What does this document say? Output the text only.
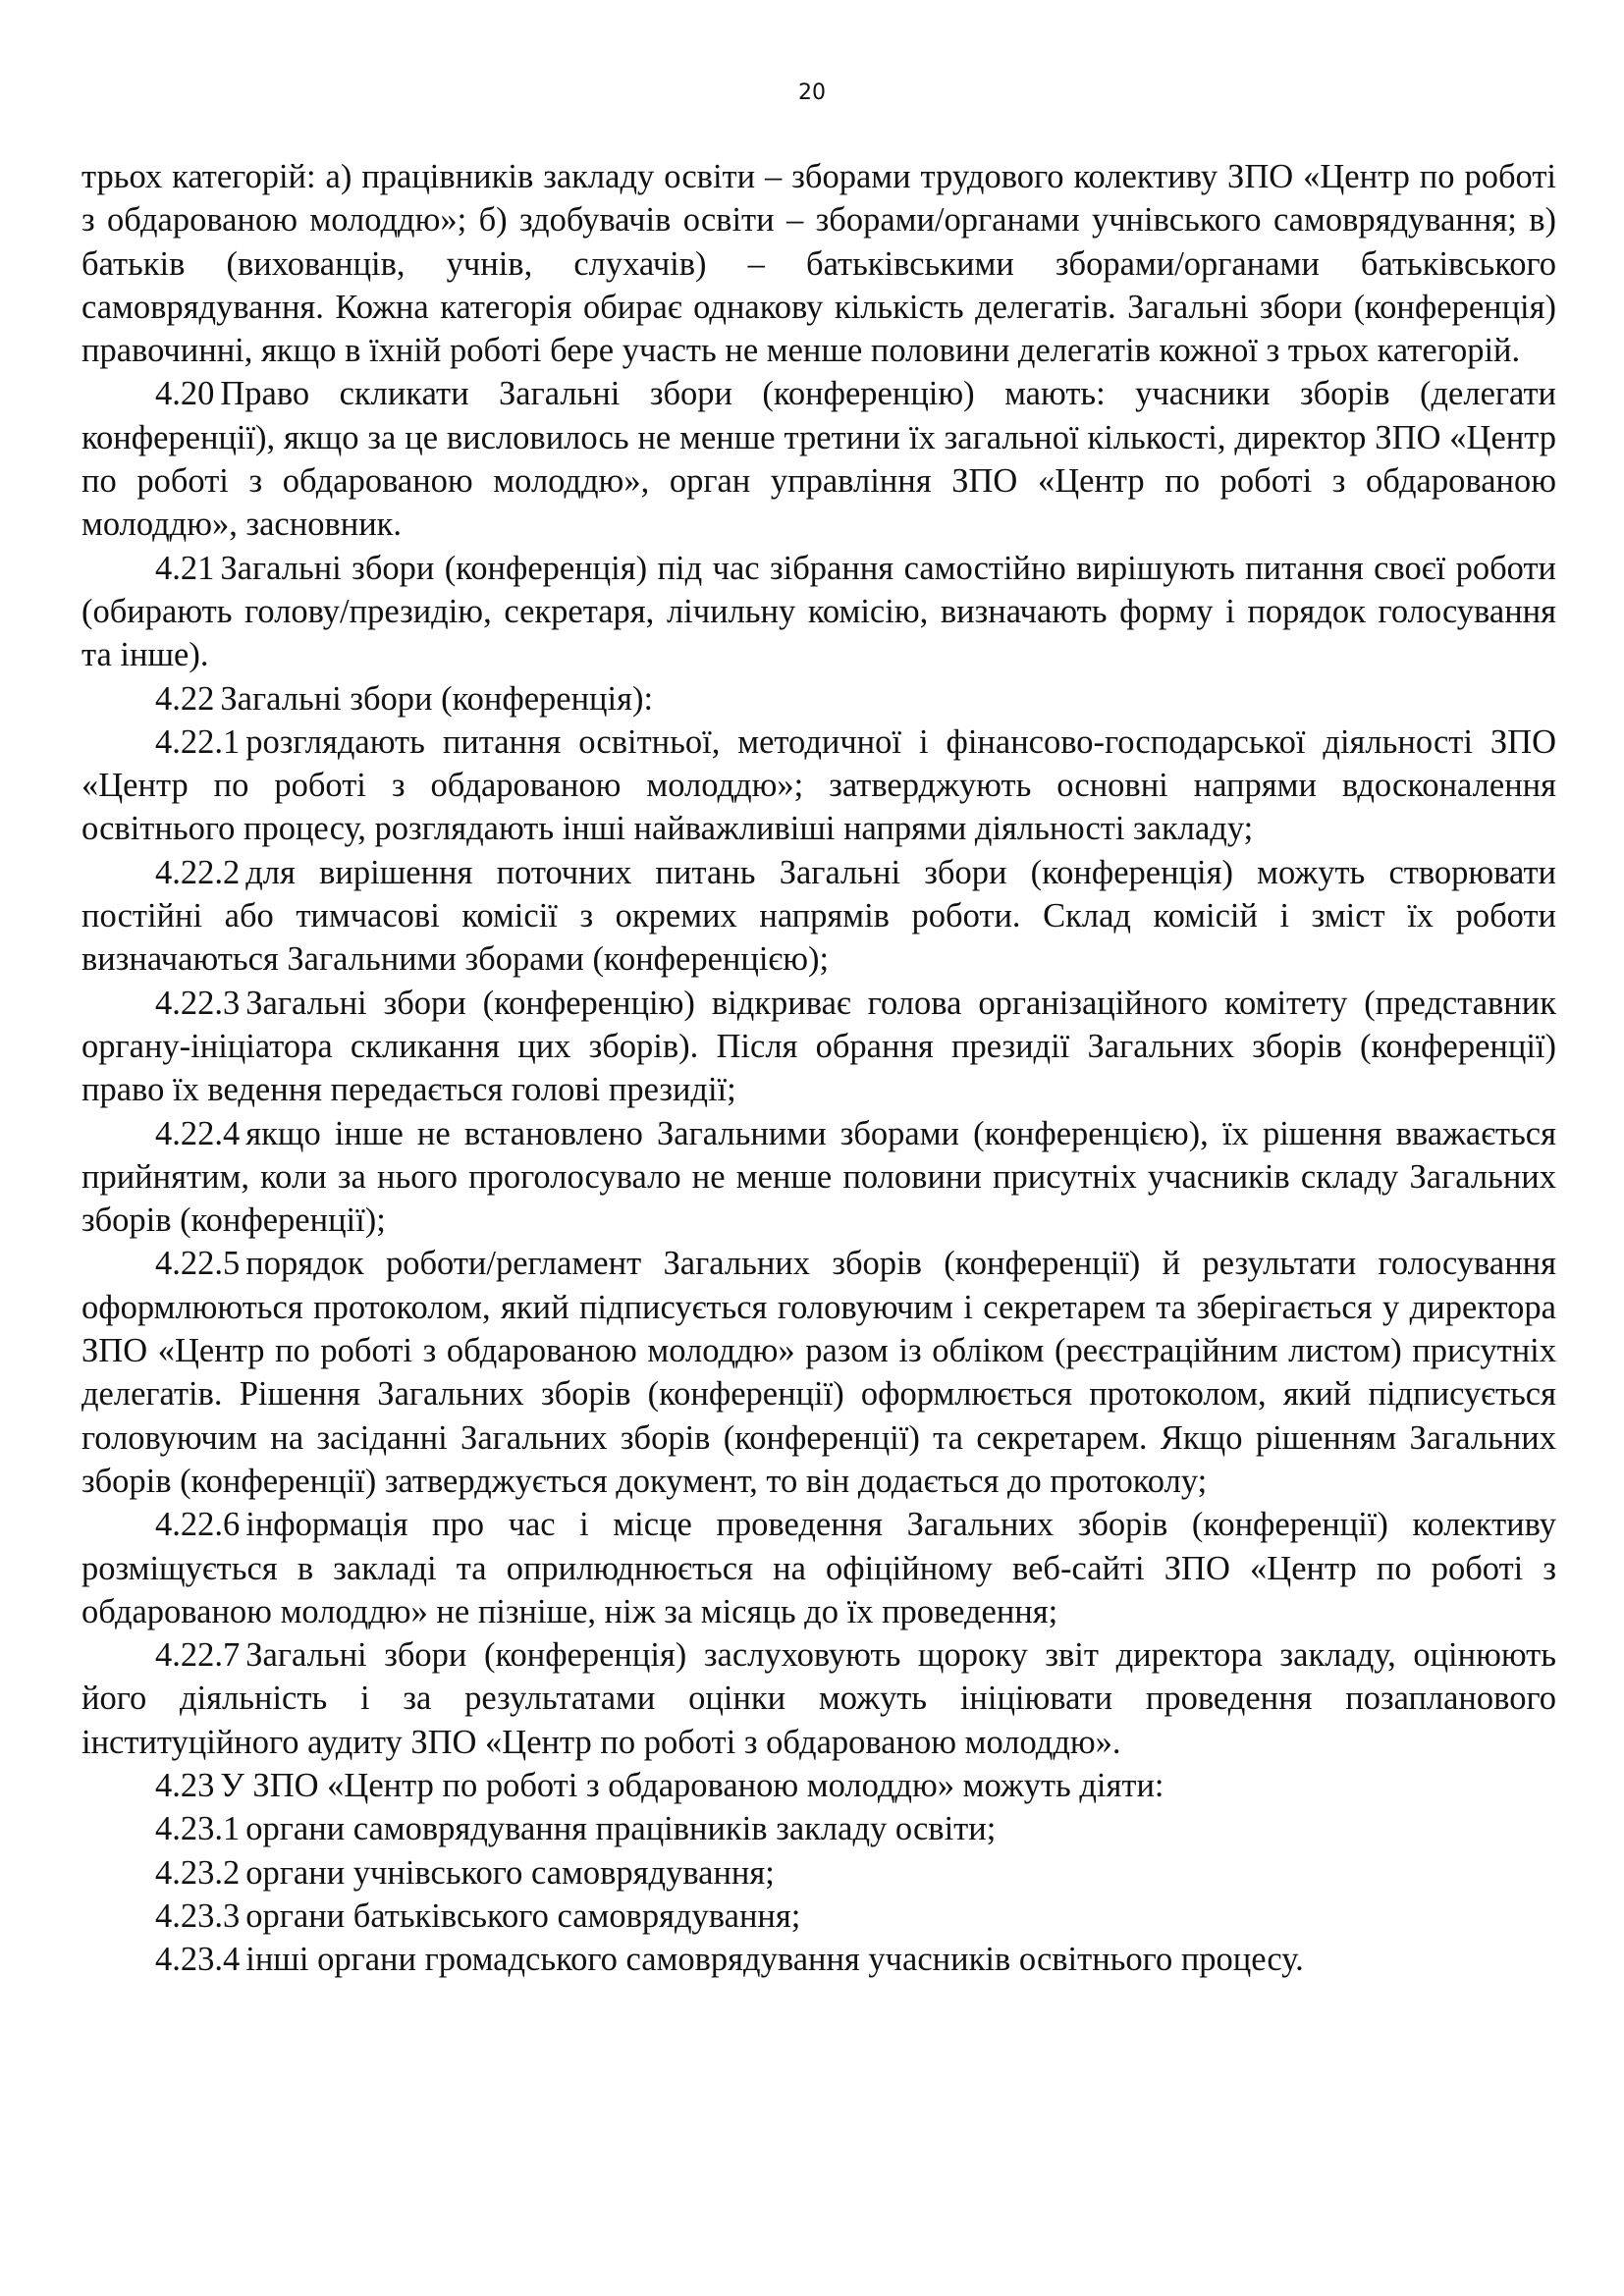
20

трьох категорій: а) працівників закладу освіти – зборами трудового колективу ЗПО «Центр по роботі з обдарованою молоддю»; б) здобувачів освіти – зборами/органами учнівського самоврядування; в) батьків (вихованців, учнів, слухачів) – батьківськими зборами/органами батьківського самоврядування. Кожна категорія обирає однакову кількість делегатів. Загальні збори (конференція) правочинні, якщо в їхній роботі бере участь не менше половини делегатів кожної з трьох категорій.

4.20 Право скликати Загальні збори (конференцію) мають: учасники зборів (делегати конференції), якщо за це висловилось не менше третини їх загальної кількості, директор ЗПО «Центр по роботі з обдарованою молоддю», орган управління ЗПО «Центр по роботі з обдарованою молоддю», засновник.

4.21 Загальні збори (конференція) під час зібрання самостійно вирішують питання своєї роботи (обирають голову/президію, секретаря, лічильну комісію, визначають форму і порядок голосування та інше).

4.22 Загальні збори (конференція):

4.22.1 розглядають питання освітньої, методичної і фінансово-господарської діяльності ЗПО «Центр по роботі з обдарованою молоддю»; затверджують основні напрями вдосконалення освітнього процесу, розглядають інші найважливіші напрями діяльності закладу;

4.22.2 для вирішення поточних питань Загальні збори (конференція) можуть створювати постійні або тимчасові комісії з окремих напрямів роботи. Склад комісій і зміст їх роботи визначаються Загальними зборами (конференцією);

4.22.3 Загальні збори (конференцію) відкриває голова організаційного комітету (представник органу-ініціатора скликання цих зборів). Після обрання президії Загальних зборів (конференції) право їх ведення передається голові президії;

4.22.4 якщо інше не встановлено Загальними зборами (конференцією), їх рішення вважається прийнятим, коли за нього проголосувало не менше половини присутніх учасників складу Загальних зборів (конференції);

4.22.5 порядок роботи/регламент Загальних зборів (конференції) й результати голосування оформлюються протоколом, який підписується головуючим і секретарем та зберігається у директора ЗПО «Центр по роботі з обдарованою молоддю» разом із обліком (реєстраційним листом) присутніх делегатів. Рішення Загальних зборів (конференції) оформлюється протоколом, який підписується головуючим на засіданні Загальних зборів (конференції) та секретарем. Якщо рішенням Загальних зборів (конференції) затверджується документ, то він додається до протоколу;

4.22.6 інформація про час і місце проведення Загальних зборів (конференції) колективу розміщується в закладі та оприлюднюється на офіційному веб-сайті ЗПО «Центр по роботі з обдарованою молоддю» не пізніше, ніж за місяць до їх проведення;

4.22.7 Загальні збори (конференція) заслуховують щороку звіт директора закладу, оцінюють його діяльність і за результатами оцінки можуть ініціювати проведення позапланового інституційного аудиту ЗПО «Центр по роботі з обдарованою молоддю».

4.23 У ЗПО «Центр по роботі з обдарованою молоддю» можуть діяти:

4.23.1 органи самоврядування працівників закладу освіти;

4.23.2 органи учнівського самоврядування;

4.23.3 органи батьківського самоврядування;

4.23.4 інші органи громадського самоврядування учасників освітнього процесу.
